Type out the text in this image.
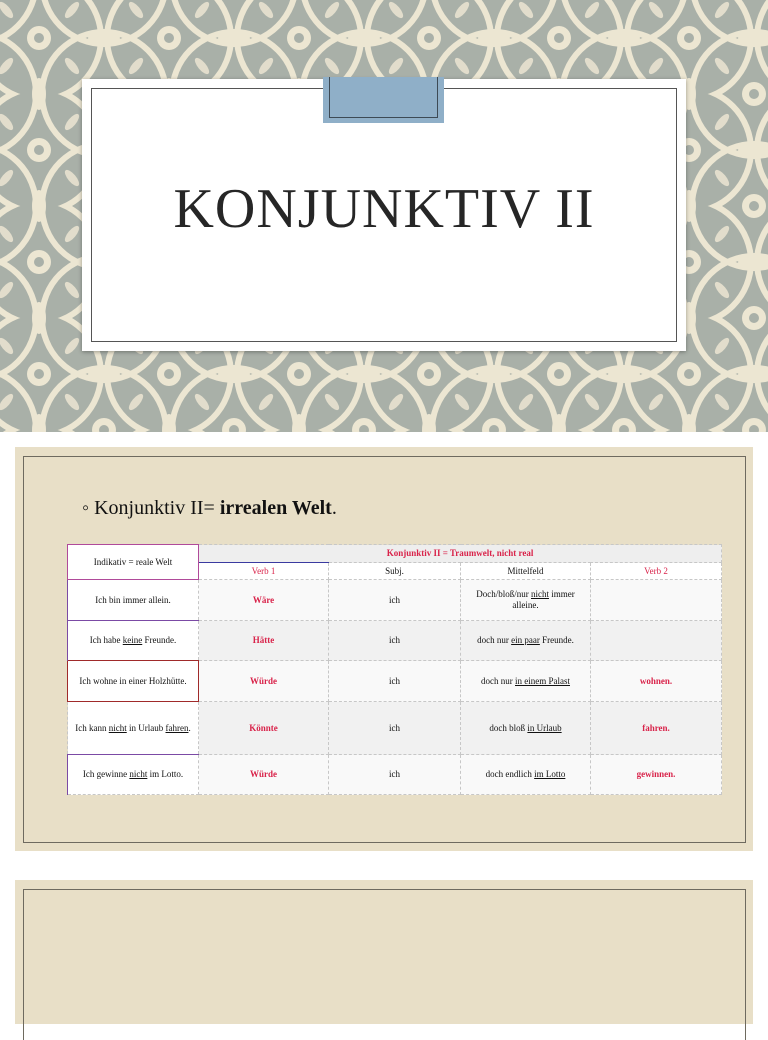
KONJUNKTIV II
◦ Konjunktiv II= irrealen Welt.
Indikativ = reale Welt	Konjunktiv II = Traumwelt, nicht real			
	Verb 1	Subj.	Mittelfeld	Verb 2
Ich bin immer allein.	Wäre	ich	Doch/bloß/nur nicht immer alleine.	
Ich habe keine Freunde.	Hätte	ich	doch nur ein paar Freunde.	
Ich wohne in einer Holzhütte.	Würde	ich	doch nur in einem Palast	wohnen.
Ich kann nicht in Urlaub fahren.	Könnte	ich	doch bloß in Urlaub	fahren.
Ich gewinne nicht im Lotto.	Würde	ich	doch endlich im Lotto	gewinnen.
